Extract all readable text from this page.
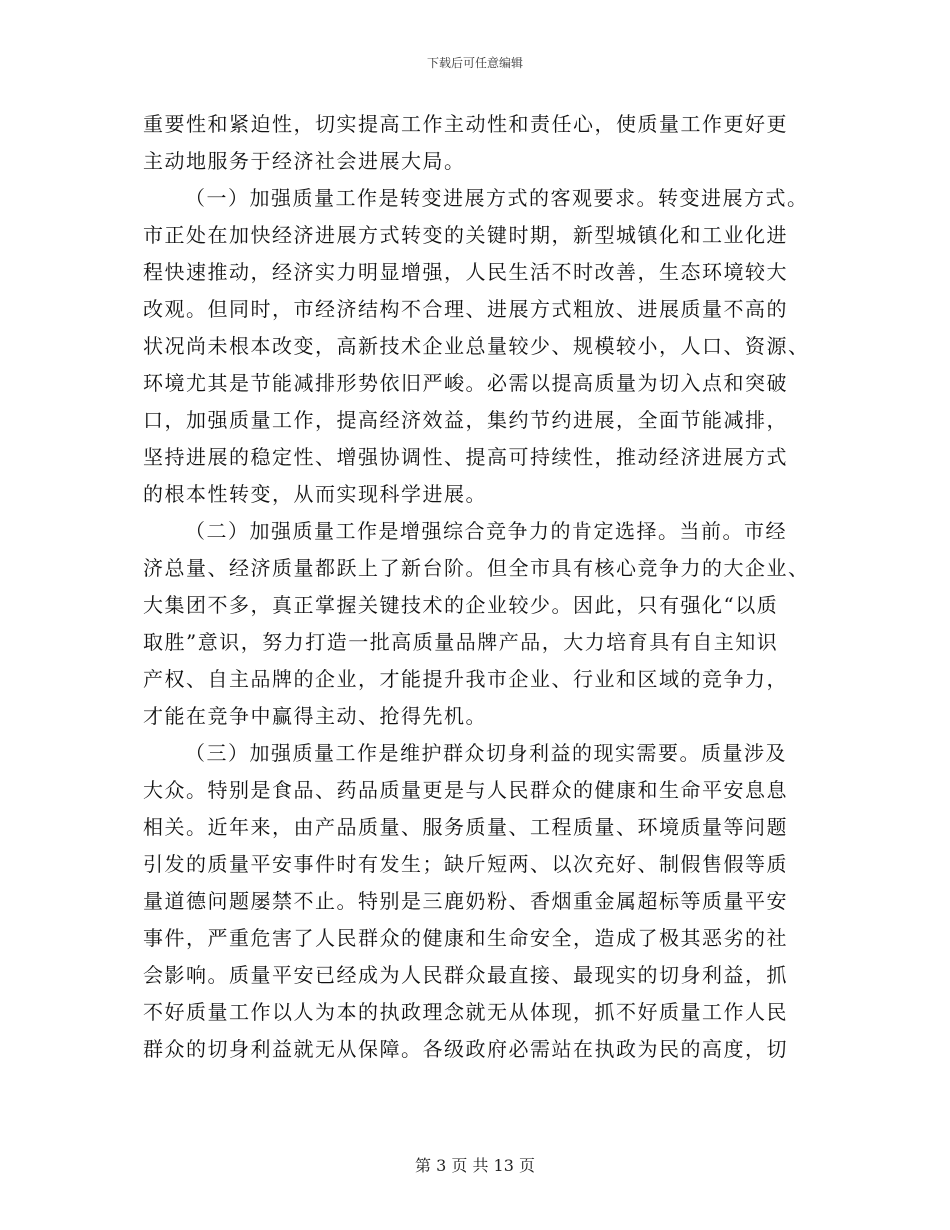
下载后可任意编辑
重要性和紧迫性，切实提高工作主动性和责任心，使质量工作更好更
主动地服务于经济社会进展大局。
（一）加强质量工作是转变进展方式的客观要求。转变进展方式。
市正处在加快经济进展方式转变的关键时期，新型城镇化和工业化进
程快速推动，经济实力明显增强，人民生活不时改善，生态环境较大
改观。但同时，市经济结构不合理、进展方式粗放、进展质量不高的
状况尚未根本改变，高新技术企业总量较少、规模较小，人口、资源、
环境尤其是节能减排形势依旧严峻。必需以提高质量为切入点和突破
口，加强质量工作，提高经济效益，集约节约进展，全面节能减排，
坚持进展的稳定性、增强协调性、提高可持续性，推动经济进展方式
的根本性转变，从而实现科学进展。
（二）加强质量工作是增强综合竞争力的肯定选择。当前。市经
济总量、经济质量都跃上了新台阶。但全市具有核心竞争力的大企业、
大集团不多，真正掌握关键技术的企业较少。因此，只有强化“以质
取胜”意识，努力打造一批高质量品牌产品，大力培育具有自主知识
产权、自主品牌的企业，才能提升我市企业、行业和区域的竞争力，
才能在竞争中赢得主动、抢得先机。
（三）加强质量工作是维护群众切身利益的现实需要。质量涉及
大众。特别是食品、药品质量更是与人民群众的健康和生命平安息息
相关。近年来，由产品质量、服务质量、工程质量、环境质量等问题
引发的质量平安事件时有发生；缺斤短两、以次充好、制假售假等质
量道德问题屡禁不止。特别是三鹿奶粉、香烟重金属超标等质量平安
事件，严重危害了人民群众的健康和生命安全，造成了极其恶劣的社
会影响。质量平安已经成为人民群众最直接、最现实的切身利益，抓
不好质量工作以人为本的执政理念就无从体现，抓不好质量工作人民
群众的切身利益就无从保障。各级政府必需站在执政为民的高度，切
第 3 页 共 13 页
